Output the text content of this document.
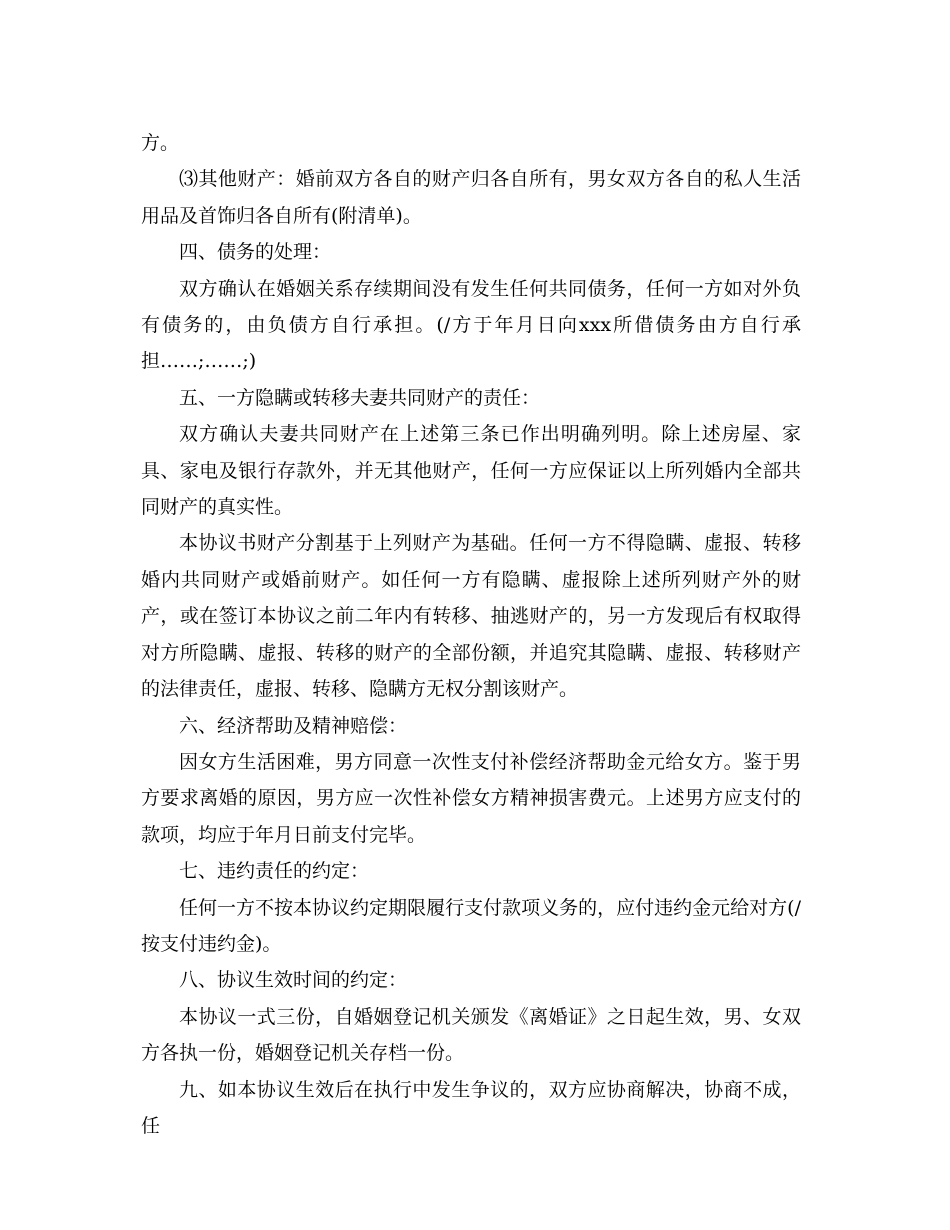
方。

⑶其他财产：婚前双方各自的财产归各自所有，男女双方各自的私人生活用品及首饰归各自所有(附清单)。

四、债务的处理：

双方确认在婚姻关系存续期间没有发生任何共同债务，任何一方如对外负有债务的，由负债方自行承担。(/方于年月日向xxx所借债务由方自行承担……;……;)

五、一方隐瞒或转移夫妻共同财产的责任：

双方确认夫妻共同财产在上述第三条已作出明确列明。除上述房屋、家具、家电及银行存款外，并无其他财产，任何一方应保证以上所列婚内全部共同财产的真实性。

本协议书财产分割基于上列财产为基础。任何一方不得隐瞒、虚报、转移婚内共同财产或婚前财产。如任何一方有隐瞒、虚报除上述所列财产外的财产，或在签订本协议之前二年内有转移、抽逃财产的，另一方发现后有权取得对方所隐瞒、虚报、转移的财产的全部份额，并追究其隐瞒、虚报、转移财产的法律责任，虚报、转移、隐瞒方无权分割该财产。

六、经济帮助及精神赔偿：

因女方生活困难，男方同意一次性支付补偿经济帮助金元给女方。鉴于男方要求离婚的原因，男方应一次性补偿女方精神损害费元。上述男方应支付的款项，均应于年月日前支付完毕。

七、违约责任的约定：

任何一方不按本协议约定期限履行支付款项义务的，应付违约金元给对方(/按支付违约金)。

八、协议生效时间的约定：

本协议一式三份，自婚姻登记机关颁发《离婚证》之日起生效，男、女双方各执一份，婚姻登记机关存档一份。

九、如本协议生效后在执行中发生争议的，双方应协商解决，协商不成，任
